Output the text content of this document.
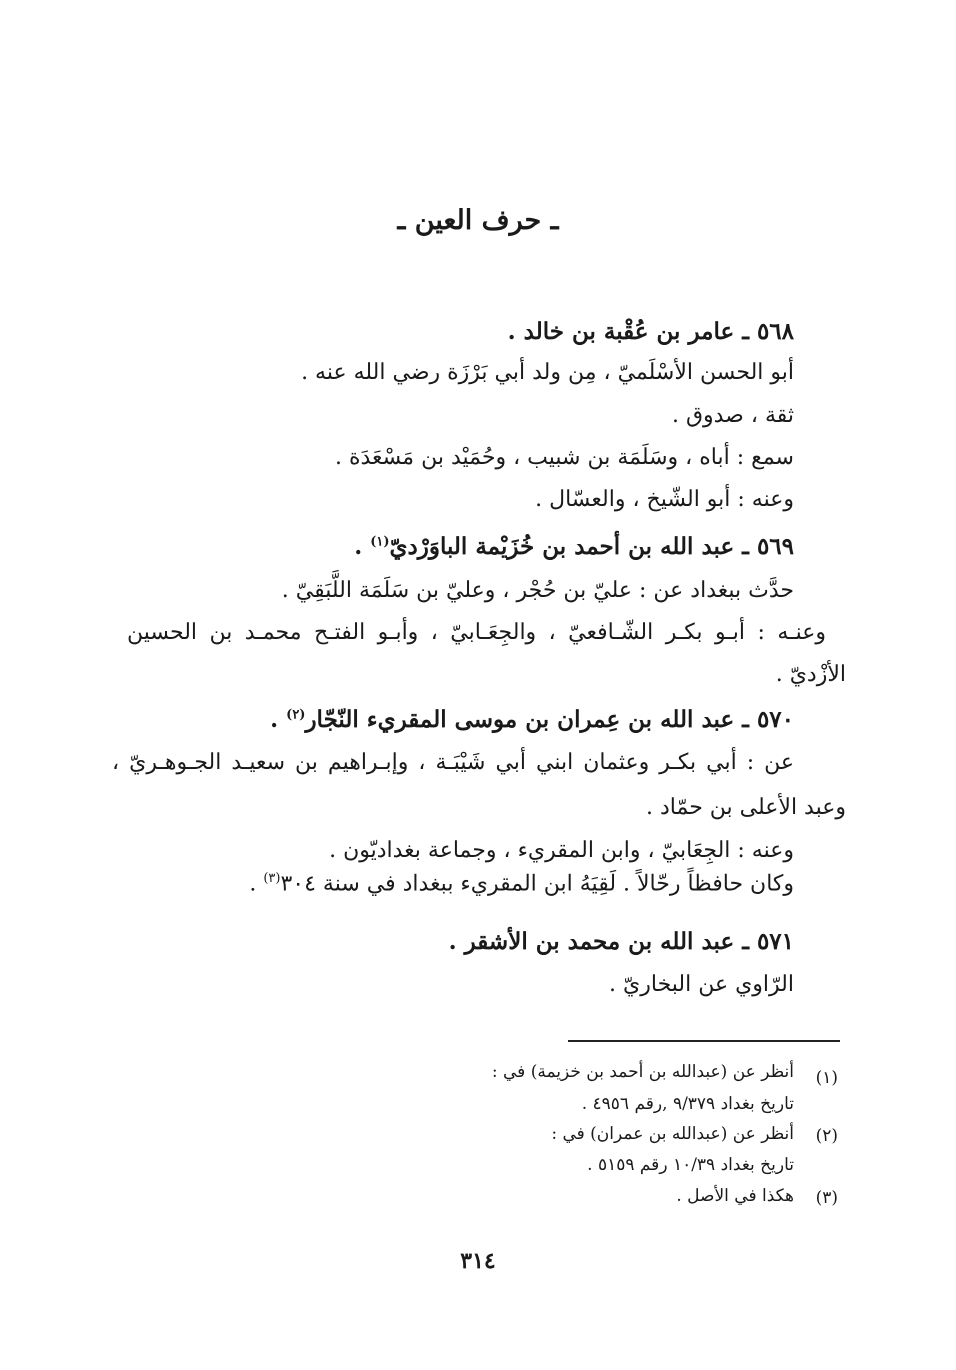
ـ حرف العين ـ
٥٦٨ ـ عامر بن عُقْبة بن خالد .
أبو الحسن الأسْلَميّ ، مِن ولد أبي بَرْزَة رضي الله عنه .
ثقة ، صدوق .
سمع : أباه ، وسَلَمَة بن شبيب ، وحُمَيْد بن مَسْعَدَة .
وعنه : أبو الشّيخ ، والعسّال .
٥٦٩ ـ عبد الله بن أحمد بن خُزَيْمة الباوَرْديّ$^{(١)}$ .
حدَّث ببغداد عن : عليّ بن حُجْر ، وعليّ بن سَلَمَة اللَّبَقِيّ .
وعنـه : أبـو بكـر الشّـافعيّ ، والجِعَـابيّ ، وأبـو الفتـح محمـد بن الحسين
الأزْديّ .
٥٧٠ ـ عبد الله بن عِمران بن موسى المقريء النّجّار$^{(٢)}$ .
عن : أبي بكـر وعثمان ابني أبي شَيْبَـة ، وإبـراهيم بن سعيـد الجـوهـريّ ،
وعبد الأعلى بن حمّاد .
وعنه : الجِعَابيّ ، وابن المقريء ، وجماعة بغداديّون .
وكان حافظاً رحّالاً . لَقِيَهُ ابن المقريء ببغداد في سنة ٣٠٤$^{(٣)}$ .
٥٧١ ـ عبد الله بن محمد بن الأشقر .
الرّاوي عن البخاريّ .
(١)
أنظر عن (عبدالله بن أحمد بن خزيمة) في :
تاريخ بغداد ٩/٣٧٩ ,رقم ٤٩٥٦ .
(٢)
أنظر عن (عبدالله بن عمران) في :
تاريخ بغداد ١٠/٣٩ رقم ٥١٥٩ .
(٣)
هكذا في الأصل .
٣١٤
